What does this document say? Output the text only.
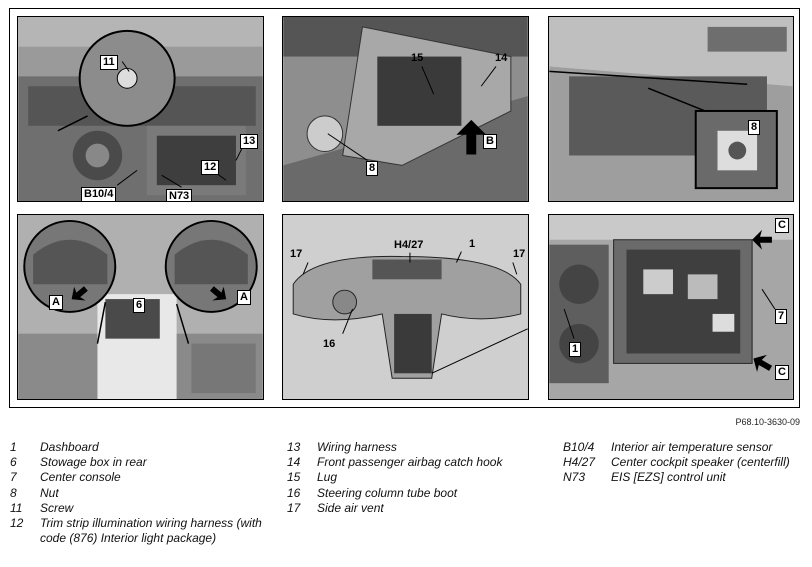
11
13
12
B10/4	N73
15	14
B
8
8
A	A
6
H4/27	1
17	17
16
C
7
1
C
P68.10-3630-09
1	Dashboard
6	Stowage box in rear
7	Center console
8	Nut
11	Screw
12	Trim strip illumination wiring harness (with code (876) Interior light package)
13	Wiring harness
14	Front passenger airbag catch hook
15	Lug
16	Steering column tube boot
17	Side air vent
B10/4	Interior air temperature sensor
H4/27	Center cockpit speaker (centerfill)
N73	EIS [EZS] control unit
